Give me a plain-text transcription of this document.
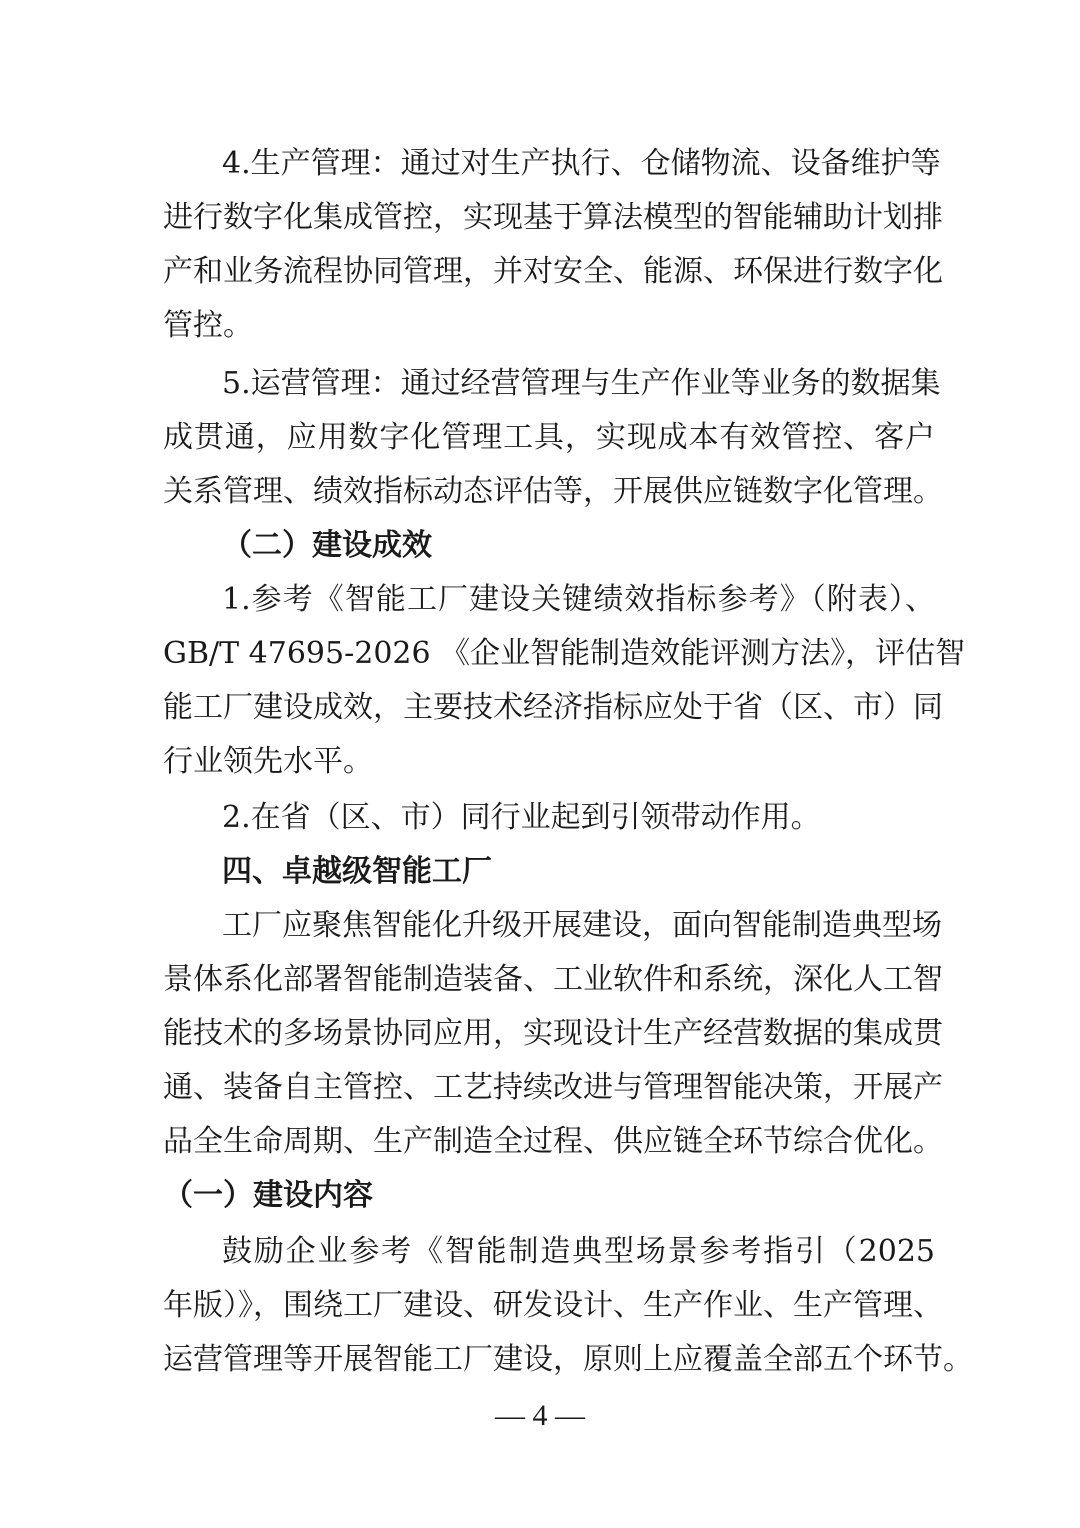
4.生产管理：通过对生产执行、仓储物流、设备维护等
进行数字化集成管控，实现基于算法模型的智能辅助计划排
产和业务流程协同管理，并对安全、能源、环保进行数字化
管控。
5.运营管理：通过经营管理与生产作业等业务的数据集
成贯通，应用数字化管理工具，实现成本有效管控、客户
关系管理、绩效指标动态评估等，开展供应链数字化管理。
（二）建设成效
1.参考《智能工厂建设关键绩效指标参考》（附表）、
GB/T 47695-2026 《企业智能制造效能评测方法》，评估智
能工厂建设成效，主要技术经济指标应处于省（区、市）同
行业领先水平。
2.在省（区、市）同行业起到引领带动作用。
四、卓越级智能工厂
工厂应聚焦智能化升级开展建设，面向智能制造典型场
景体系化部署智能制造装备、工业软件和系统，深化人工智
能技术的多场景协同应用，实现设计生产经营数据的集成贯
通、装备自主管控、工艺持续改进与管理智能决策，开展产
品全生命周期、生产制造全过程、供应链全环节综合优化。
（一）建设内容
鼓励企业参考《智能制造典型场景参考指引（2025
年版）》，围绕工厂建设、研发设计、生产作业、生产管理、
运营管理等开展智能工厂建设，原则上应覆盖全部五个环节。
— 4 —
